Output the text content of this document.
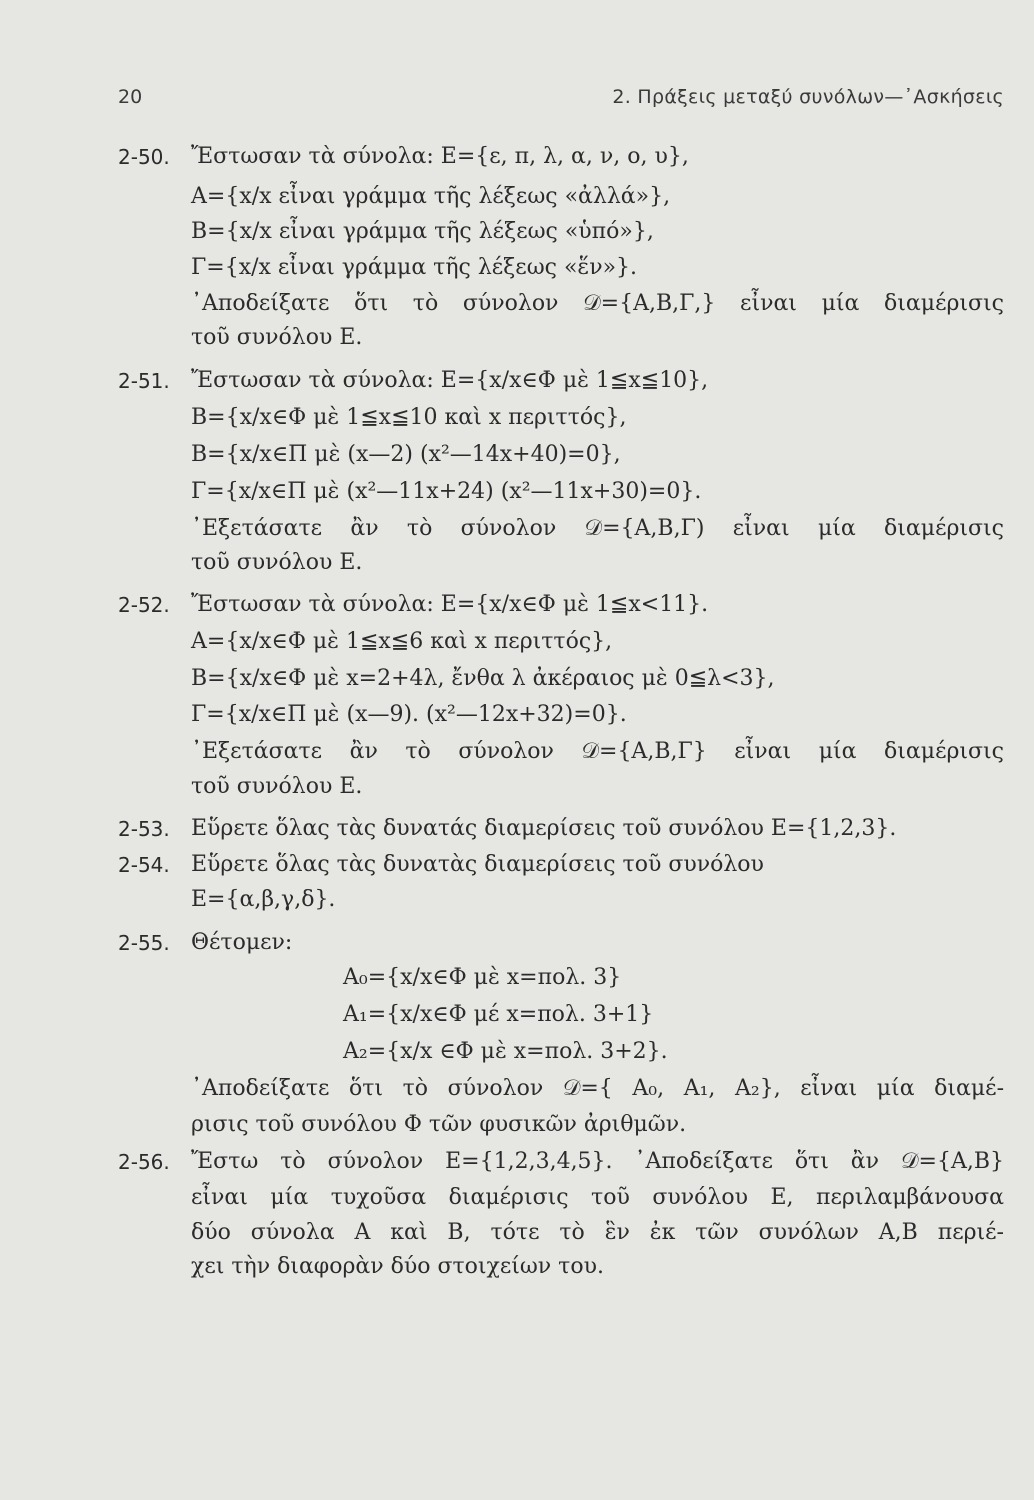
20	2. Πράξεις μεταξύ συνόλων—᾿Ασκήσεις
2-50. Ἔστωσαν τὰ σύνολα: Ε={ε, π, λ, α, ν, ο, υ},
Α={x/x εἶναι γράμμα τῆς λέξεως «ἀλλά»},
Β={x/x εἶναι γράμμα τῆς λέξεως «ὑπό»},
Γ={x/x εἶναι γράμμα τῆς λέξεως «ἕν»}.
᾿Αποδείξατε ὅτι τὸ σύνολον 𝒟={Α,Β,Γ,} εἶναι μία διαμέρισις
τοῦ συνόλου Ε.
2-51. Ἔστωσαν τὰ σύνολα: Ε={x/x∈Φ μὲ 1≦x≦10},
Β={x/x∈Φ μὲ 1≦x≦10 καὶ x περιττός},
Β={x/x∈Π μὲ (x—2) (x²—14x+40)=0},
Γ={x/x∈Π μὲ (x²—11x+24) (x²—11x+30)=0}.
᾿Εξετάσατε ἂν τὸ σύνολον 𝒟={Α,Β,Γ) εἶναι μία διαμέρισις
τοῦ συνόλου Ε.
2-52. Ἔστωσαν τὰ σύνολα: Ε={x/x∈Φ μὲ 1≦x<11}.
Α={x/x∈Φ μὲ 1≦x≦6 καὶ x περιττός},
Β={x/x∈Φ μὲ x=2+4λ, ἔνθα λ ἀκέραιος μὲ 0≦λ<3},
Γ={x/x∈Π μὲ (x—9). (x²—12x+32)=0}.
᾿Εξετάσατε ἂν τὸ σύνολον 𝒟={Α,Β,Γ} εἶναι μία διαμέρισις
τοῦ συνόλου Ε.
2-53. Εὕρετε ὅλας τὰς δυνατάς διαμερίσεις τοῦ συνόλου Ε={1,2,3}.
2-54. Εὕρετε ὅλας τὰς δυνατὰς διαμερίσεις τοῦ συνόλου
Ε={α,β,γ,δ}.
2-55. Θέτομεν:
Α₀={x/x∈Φ μὲ x=πολ. 3}
Α₁={x/x∈Φ μέ x=πολ. 3+1}
Α₂={x/x ∈Φ μὲ x=πολ. 3+2}.
᾿Αποδείξατε ὅτι τὸ σύνολον 𝒟={ Α₀, Α₁, Α₂}, εἶναι μία διαμέ-
ρισις τοῦ συνόλου Φ τῶν φυσικῶν ἀριθμῶν.
2-56. Ἔστω τὸ σύνολον Ε={1,2,3,4,5}. ᾿Αποδείξατε ὅτι ἂν 𝒟={Α,Β}
εἶναι μία τυχοῦσα διαμέρισις τοῦ συνόλου Ε, περιλαμβάνουσα
δύο σύνολα Α καὶ Β, τότε τὸ ἓν ἐκ τῶν συνόλων Α,Β περιέ-
χει τὴν διαφορὰν δύο στοιχείων του.
